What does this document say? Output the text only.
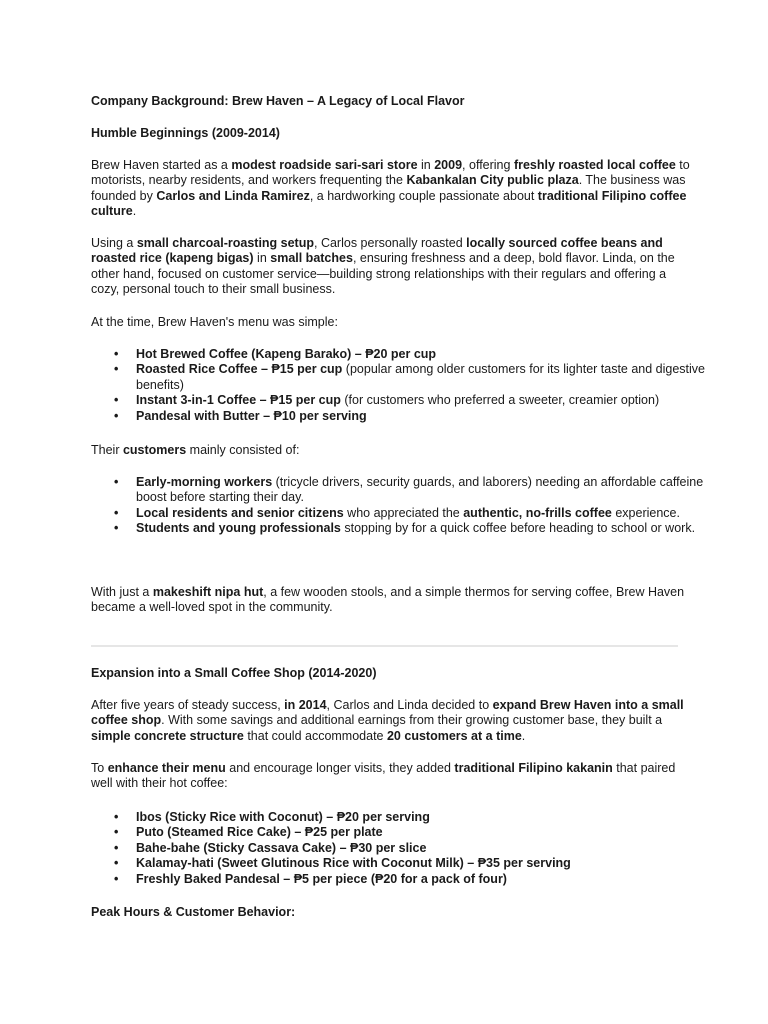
Company Background: Brew Haven – A Legacy of Local Flavor

Humble Beginnings (2009-2014)

Brew Haven started as a modest roadside sari-sari store in 2009, offering freshly roasted local coffee to motorists, nearby residents, and workers frequenting the Kabankalan City public plaza. The business was founded by Carlos and Linda Ramirez, a hardworking couple passionate about traditional Filipino coffee culture.

Using a small charcoal-roasting setup, Carlos personally roasted locally sourced coffee beans and roasted rice (kapeng bigas) in small batches, ensuring freshness and a deep, bold flavor. Linda, on the other hand, focused on customer service—building strong relationships with their regulars and offering a cozy, personal touch to their small business.

At the time, Brew Haven's menu was simple:

• Hot Brewed Coffee (Kapeng Barako) – ₱20 per cup
• Roasted Rice Coffee – ₱15 per cup (popular among older customers for its lighter taste and digestive benefits)
• Instant 3-in-1 Coffee – ₱15 per cup (for customers who preferred a sweeter, creamier option)
• Pandesal with Butter – ₱10 per serving

Their customers mainly consisted of:

• Early-morning workers (tricycle drivers, security guards, and laborers) needing an affordable caffeine boost before starting their day.
• Local residents and senior citizens who appreciated the authentic, no-frills coffee experience.
• Students and young professionals stopping by for a quick coffee before heading to school or work.

With just a makeshift nipa hut, a few wooden stools, and a simple thermos for serving coffee, Brew Haven became a well-loved spot in the community.

Expansion into a Small Coffee Shop (2014-2020)

After five years of steady success, in 2014, Carlos and Linda decided to expand Brew Haven into a small coffee shop. With some savings and additional earnings from their growing customer base, they built a simple concrete structure that could accommodate 20 customers at a time.

To enhance their menu and encourage longer visits, they added traditional Filipino kakanin that paired well with their hot coffee:

• Ibos (Sticky Rice with Coconut) – ₱20 per serving
• Puto (Steamed Rice Cake) – ₱25 per plate
• Bahe-bahe (Sticky Cassava Cake) – ₱30 per slice
• Kalamay-hati (Sweet Glutinous Rice with Coconut Milk) – ₱35 per serving
• Freshly Baked Pandesal – ₱5 per piece (₱20 for a pack of four)

Peak Hours & Customer Behavior:
